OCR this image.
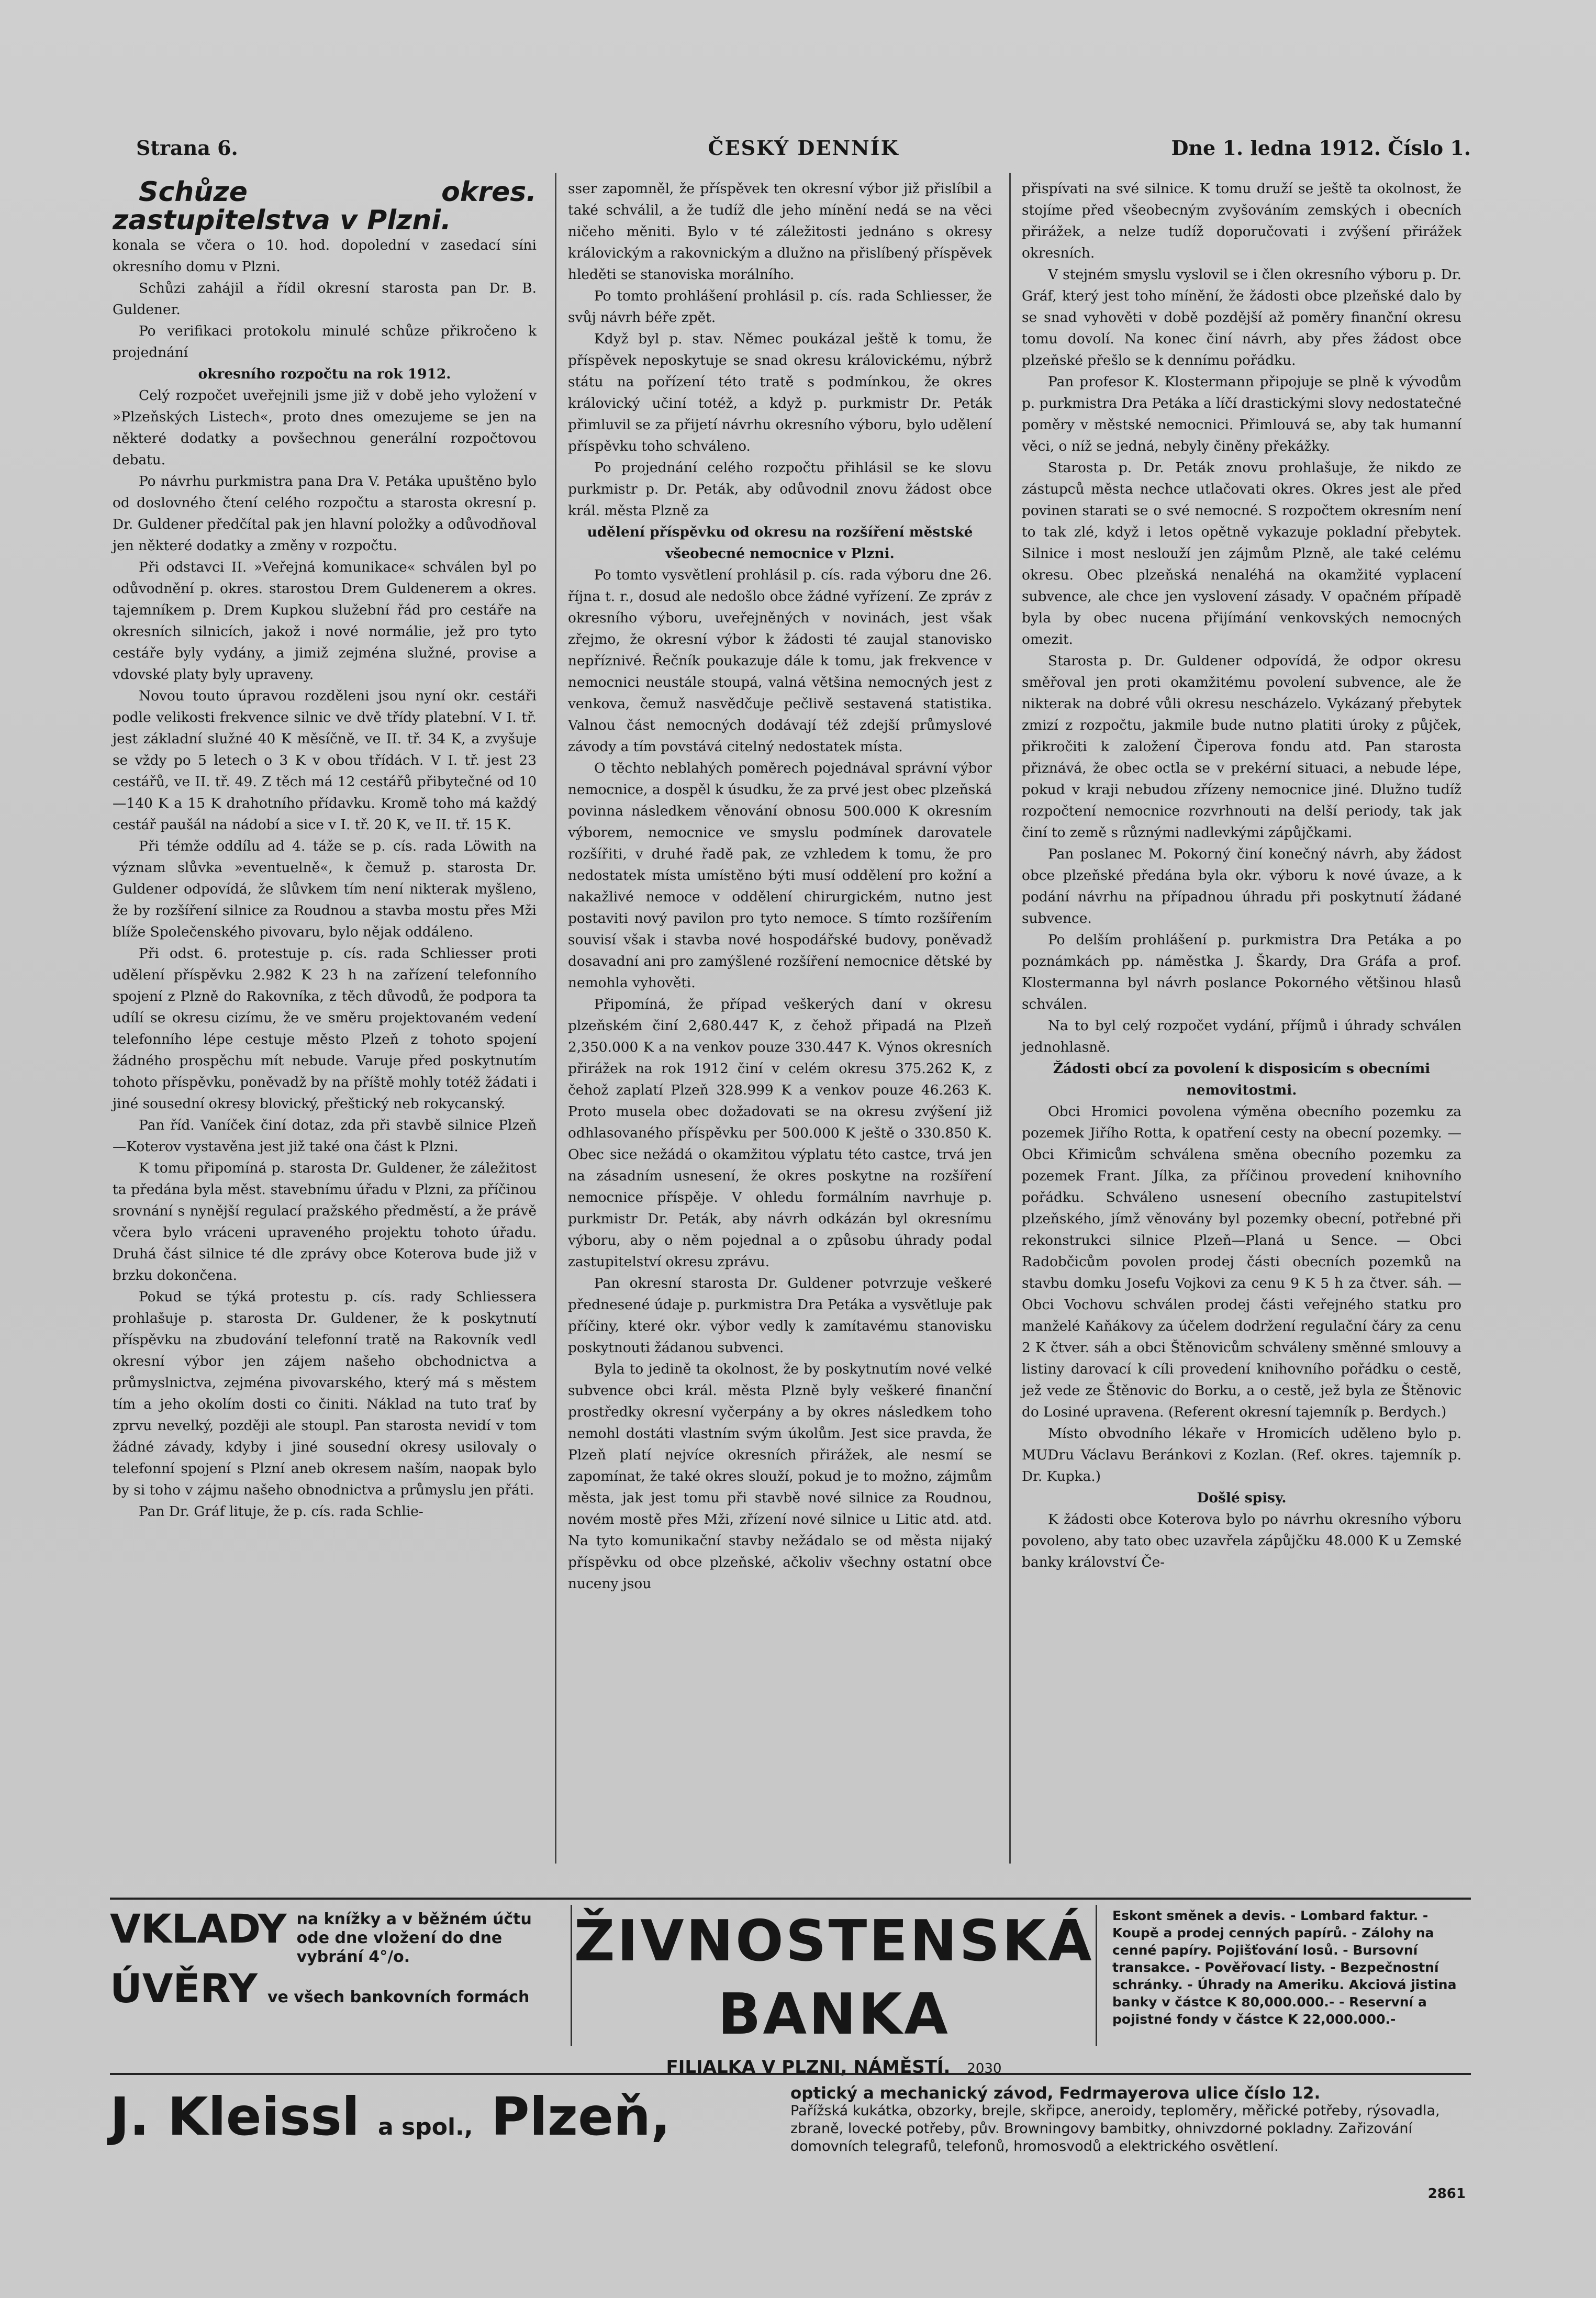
Strana 6.	ČESKÝ DENNÍK	Dne 1. ledna 1912. Číslo 1.

Schůze okres. zastupitelstva v Plzni.

konala se včera o 10. hod. dopolední v zasedací síni okresního domu v Plzni.

Schůzi zahájil a řídil okresní starosta pan Dr. B. Guldener.

Po verifikaci protokolu minulé schůze přikročeno k projednání

okresního rozpočtu na rok 1912.

Celý rozpočet uveřejnili jsme již v době jeho vyložení v »Plzeňských Listech«, proto dnes omezujeme se jen na některé dodatky a povšechnou generální rozpočtovou debatu.

Po návrhu purkmistra pana Dra V. Petáka upuštěno bylo od doslovného čtení celého rozpočtu a starosta okresní p. Dr. Guldener předčítal pak jen hlavní položky a odůvodňoval jen některé dodatky a změny v rozpočtu.

Při odstavci II. »Veřejná komunikace« schválen byl po odůvodnění p. okres. starostou Drem Guldenerem a okres. tajemníkem p. Drem Kupkou služební řád pro cestáře na okresních silnicích, jakož i nové normálie, jež pro tyto cestáře byly vydány, a jimiž zejména služné, provise a vdovské platy byly upraveny.

Novou touto úpravou rozděleni jsou nyní okr. cestáři podle velikosti frekvence silnic ve dvě třídy platební. V I. tř. jest základní služné 40 K měsíčně, ve II. tř. 34 K, a zvyšuje se vždy po 5 letech o 3 K v obou třídách. V I. tř. jest 23 cestářů, ve II. tř. 49. Z těch má 12 cestářů přibytečné od 10—140 K a 15 K drahotního přídavku. Kromě toho má každý cestář paušál na nádobí a sice v I. tř. 20 K, ve II. tř. 15 K.

Při témže oddílu ad 4. táže se p. cís. rada Löwith na význam slůvka »eventuelně«, k čemuž p. starosta Dr. Guldener odpovídá, že slůvkem tím není nikterak myšleno, že by rozšíření silnice za Roudnou a stavba mostu přes Mži blíže Společenského pivovaru, bylo nějak oddáleno.

Při odst. 6. protestuje p. cís. rada Schliesser proti udělení příspěvku 2.982 K 23 h na zařízení telefonního spojení z Plzně do Rakovníka, z těch důvodů, že podpora ta udílí se okresu cizímu, že ve směru projektovaném vedení telefonního lépe cestuje město Plzeň z tohoto spojení žádného prospěchu mít nebude. Varuje před poskytnutím tohoto příspěvku, poněvadž by na příště mohly totéž žádati i jiné sousední okresy blovický, přeštický neb rokycanský.

Pan říd. Vaníček činí dotaz, zda při stavbě silnice Plzeň—Koterov vystavěna jest již také ona část k Plzni.

K tomu připomíná p. starosta Dr. Guldener, že záležitost ta předána byla měst. stavebnímu úřadu v Plzni, za příčinou srovnání s nynější regulací pražského předměstí, a že právě včera bylo vráceni upraveného projektu tohoto úřadu. Druhá část silnice té dle zprávy obce Koterova bude již v brzku dokončena.

Pokud se týká protestu p. cís. rady Schliessera prohlašuje p. starosta Dr. Guldener, že k poskytnutí příspěvku na zbudování telefonní tratě na Rakovník vedl okresní výbor jen zájem našeho obchodnictva a průmyslnictva, zejména pivovarského, který má s městem tím a jeho okolím dosti co činiti. Náklad na tuto trať by zprvu nevelký, později ale stoupl. Pan starosta nevidí v tom žádné závady, kdyby i jiné sousední okresy usilovaly o telefonní spojení s Plzní aneb okresem naším, naopak bylo by si toho v zájmu našeho obnodnictva a průmyslu jen přáti.

Pan Dr. Gráf lituje, že p. cís. rada Schlie-

sser zapomněl, že příspěvek ten okresní výbor již přislíbil a také schválil, a že tudíž dle jeho mínění nedá se na věci ničeho měniti. Bylo v té záležitosti jednáno s okresy královickým a rakovnickým a dlužno na přislíbený příspěvek hleděti se stanoviska morálního.

Po tomto prohlášení prohlásil p. cís. rada Schliesser, že svůj návrh béře zpět.

Když byl p. stav. Němec poukázal ještě k tomu, že příspěvek neposkytuje se snad okresu královickému, nýbrž státu na pořízení této tratě s podmínkou, že okres královický učiní totéž, a když p. purkmistr Dr. Peták přimluvil se za přijetí návrhu okresního výboru, bylo udělení příspěvku toho schváleno.

Po projednání celého rozpočtu přihlásil se ke slovu purkmistr p. Dr. Peták, aby odůvodnil znovu žádost obce král. města Plzně za

udělení příspěvku od okresu na rozšíření městské všeobecné nemocnice v Plzni.

Po tomto vysvětlení prohlásil p. cís. rada výboru dne 26. října t. r., dosud ale nedošlo obce žádné vyřízení. Ze zpráv z okresního výboru, uveřejněných v novinách, jest však zřejmo, že okresní výbor k žádosti té zaujal stanovisko nepříznivé. Řečník poukazuje dále k tomu, jak frekvence v nemocnici neustále stoupá, valná většina nemocných jest z venkova, čemuž nasvědčuje pečlivě sestavená statistika. Valnou část nemocných dodávají též zdejší průmyslové závody a tím povstává citelný nedostatek místa.

O těchto neblahých poměrech pojednával správní výbor nemocnice, a dospěl k úsudku, že za prvé jest obec plzeňská povinna následkem věnování obnosu 500.000 K okresním výborem, nemocnice ve smyslu podmínek darovatele rozšířiti, v druhé řadě pak, ze vzhledem k tomu, že pro nedostatek místa umístěno býti musí oddělení pro kožní a nakažlivé nemoce v oddělení chirurgickém, nutno jest postaviti nový pavilon pro tyto nemoce. S tímto rozšířením souvisí však i stavba nové hospodářské budovy, poněvadž dosavadní ani pro zamýšlené rozšíření nemocnice dětské by nemohla vyhověti.

Připomíná, že případ veškerých daní v okresu plzeňském činí 2,680.447 K, z čehož připadá na Plzeň 2,350.000 K a na venkov pouze 330.447 K. Výnos okresních přirážek na rok 1912 činí v celém okresu 375.262 K, z čehož zaplatí Plzeň 328.999 K a venkov pouze 46.263 K. Proto musela obec dožadovati se na okresu zvýšení již odhlasovaného příspěvku per 500.000 K ještě o 330.850 K. Obec sice nežádá o okamžitou výplatu této castce, trvá jen na zásadním usnesení, že okres poskytne na rozšíření nemocnice příspěje. V ohledu formálním navrhuje p. purkmistr Dr. Peták, aby návrh odkázán byl okresnímu výboru, aby o něm pojednal a o způsobu úhrady podal zastupitelství okresu zprávu.

Pan okresní starosta Dr. Guldener potvrzuje veškeré přednesené údaje p. purkmistra Dra Petáka a vysvětluje pak příčiny, které okr. výbor vedly k zamítavému stanovisku poskytnouti žádanou subvenci.

Byla to jedině ta okolnost, že by poskytnutím nové velké subvence obci král. města Plzně byly veškeré finanční prostředky okresní vyčerpány a by okres následkem toho nemohl dostáti vlastním svým úkolům. Jest sice pravda, že Plzeň platí nejvíce okresních přirážek, ale nesmí se zapomínat, že také okres slouží, pokud je to možno, zájmům města, jak jest tomu při stavbě nové silnice za Roudnou, novém mostě přes Mži, zřízení nové silnice u Litic atd. atd. Na tyto komunikační stavby nežádalo se od města nijaký příspěvku od obce plzeňské, ačkoliv všechny ostatní obce nuceny jsou

přispívati na své silnice. K tomu druží se ještě ta okolnost, že stojíme před všeobecným zvyšováním zemských i obecních přirážek, a nelze tudíž doporučovati i zvýšení přirážek okresních.

V stejném smyslu vyslovil se i člen okresního výboru p. Dr. Gráf, který jest toho mínění, že žádosti obce plzeňské dalo by se snad vyhověti v době pozdější až poměry finanční okresu tomu dovolí. Na konec činí návrh, aby přes žádost obce plzeňské přešlo se k dennímu pořádku.

Pan profesor K. Klostermann připojuje se plně k vývodům p. purkmistra Dra Petáka a líčí drastickými slovy nedostatečné poměry v městské nemocnici. Přimlouvá se, aby tak humanní věci, o níž se jedná, nebyly činěny překážky.

Starosta p. Dr. Peták znovu prohlašuje, že nikdo ze zástupců města nechce utlačovati okres. Okres jest ale před povinen starati se o své nemocné. S rozpočtem okresním není to tak zlé, když i letos opětně vykazuje pokladní přebytek. Silnice i most neslouží jen zájmům Plzně, ale také celému okresu. Obec plzeňská nenaléhá na okamžité vyplacení subvence, ale chce jen vyslovení zásady. V opačném případě byla by obec nucena přijímání venkovských nemocných omezit.

Starosta p. Dr. Guldener odpovídá, že odpor okresu směřoval jen proti okamžitému povolení subvence, ale že nikterak na dobré vůli okresu nescházelo. Vykázaný přebytek zmizí z rozpočtu, jakmile bude nutno platiti úroky z půjček, přikročiti k založení Čiperova fondu atd. Pan starosta přiznává, že obec octla se v prekérní situaci, a nebude lépe, pokud v kraji nebudou zřízeny nemocnice jiné. Dlužno tudíž rozpočtení nemocnice rozvrhnouti na delší periody, tak jak činí to země s různými nadlevkými zápůjčkami.

Pan poslanec M. Pokorný činí konečný návrh, aby žádost obce plzeňské předána byla okr. výboru k nové úvaze, a k podání návrhu na případnou úhradu při poskytnutí žádané subvence.

Po delším prohlášení p. purkmistra Dra Petáka a po poznámkách pp. náměstka J. Škardy, Dra Gráfa a prof. Klostermanna byl návrh poslance Pokorného většinou hlasů schválen.

Na to byl celý rozpočet vydání, příjmů i úhrady schválen jednohlasně.

Žádosti obcí za povolení k disposicím s obecními nemovitostmi.

Obci Hromici povolena výměna obecního pozemku za pozemek Jiřího Rotta, k opatření cesty na obecní pozemky. — Obci Křimicům schválena směna obecního pozemku za pozemek Frant. Jílka, za příčinou provedení knihovního pořádku. Schváleno usnesení obecního zastupitelství plzeňského, jímž věnovány byl pozemky obecní, potřebné při rekonstrukci silnice Plzeň—Planá u Sence. — Obci Radobčicům povolen prodej části obecních pozemků na stavbu domku Josefu Vojkovi za cenu 9 K 5 h za čtver. sáh. — Obci Vochovu schválen prodej části veřejného statku pro manželé Kaňákovy za účelem dodržení regulační čáry za cenu 2 K čtver. sáh a obci Štěnovicům schváleny směnné smlouvy a listiny darovací k cíli provedení knihovního pořádku o cestě, jež vede ze Štěnovic do Borku, a o cestě, jež byla ze Štěnovic do Losiné upravena. (Referent okresní tajemník p. Berdych.)

Místo obvodního lékaře v Hromicích uděleno bylo p. MUDru Václavu Beránkovi z Kozlan. (Ref. okres. tajemník p. Dr. Kupka.)

Došlé spisy.

K žádosti obce Koterova bylo po návrhu okresního výboru povoleno, aby tato obec uzavřela zápůjčku 48.000 K u Zemské banky království Če-

VKLADY na knížky a v běžném účtu
ode dne vložení do dne
vybrání 4°/o.
ÚVĚRY ve všech bankovních formách
ŽIVNOSTENSKÁ BANKA
FILIALKA V PLZNI, NÁMĚSTÍ. 2030
Eskont směnek a devis. - Lombard faktur. - Koupě a prodej cenných papírů. - Zálohy na cenné papíry. Pojišťování losů. - Bursovní transakce. - Pověřovací listy. - Bezpečnostní schránky. - Úhrady na Ameriku. Akciová jistina banky v částce K 80,000.000.- - Reservní a pojistné fondy v částce K 22,000.000.-
J. Kleissl a spol., Plzeň,	optický a mechanický závod, Fedrmayerova ulice číslo 12.
Pařížská kukátka, obzorky, brejle, skřipce, aneroidy, teploměry, měřické potřeby, rýsovadla, zbraně, lovecké potřeby, pův. Browningovy bambitky, ohnivzdorné pokladny. Zařizování domovních telegrafů, telefonů, hromosvodů a elektrického osvětlení.
2861
